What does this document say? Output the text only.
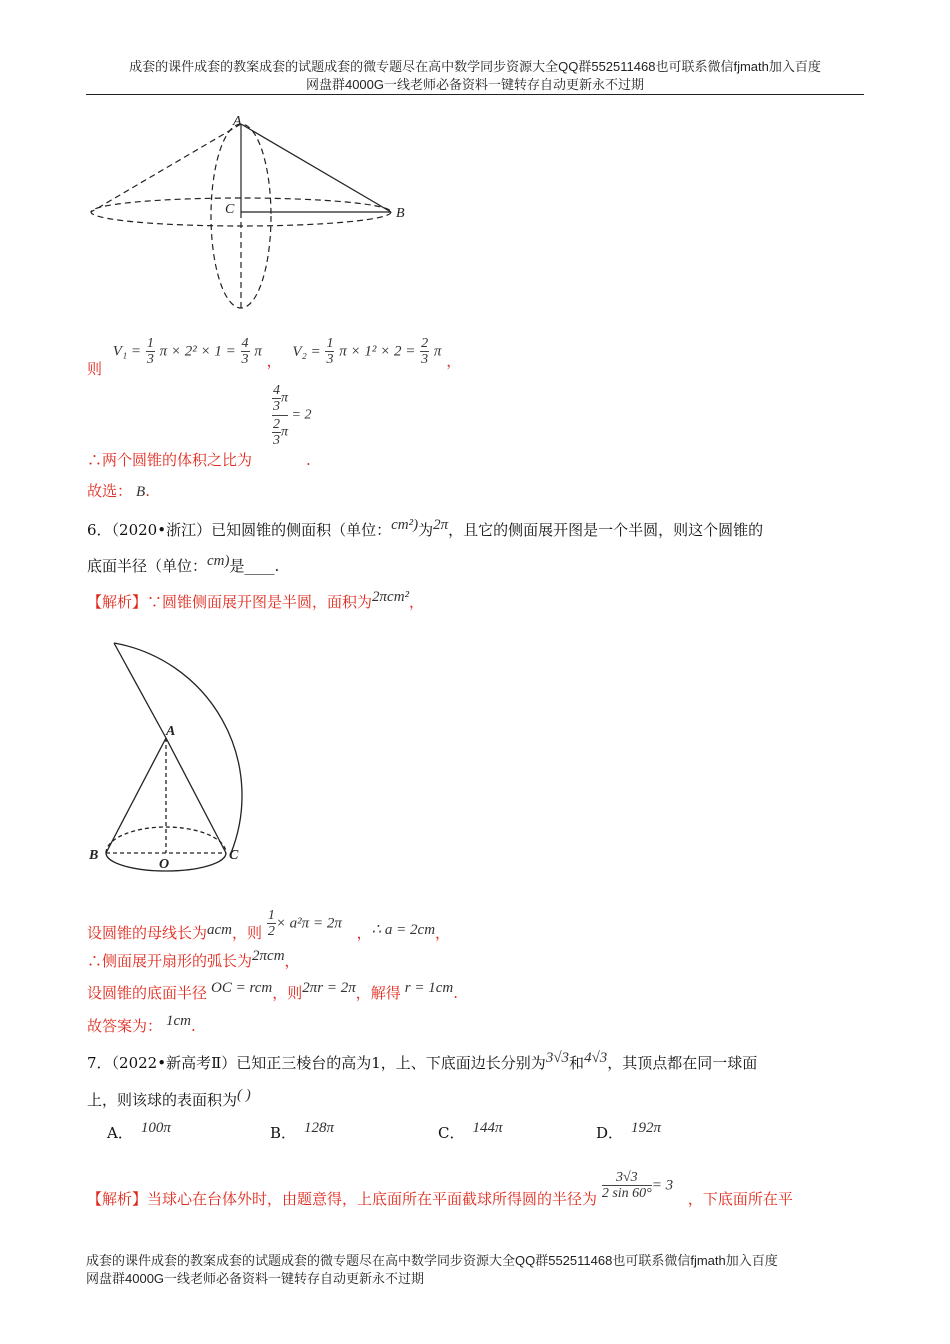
成套的课件成套的教案成套的试题成套的微专题尽在高中数学同步资源大全QQ群552511468也可联系微信fjmath加入百度
网盘群4000G一线老师必备资料一键转存自动更新永不过期
A
C	B
则 $V_1 = \frac{1}{3}$ $\pi \times 2^2 \times 1 = \frac{4}{3}$ π ， $V_2 = \frac{1}{3}$ $\pi \times 1^2 \times 2 = \frac{2}{3}$ π ，
$\frac{\frac{4}{3} \pi}{\frac{2}{3} \pi} = 2$
∴两个圆锥的体积之比为	.
故选： B.
6．（2020•浙江）已知圆锥的侧面积（单位：cm²)为2π，且它的侧面展开图是一个半圆，则这个圆锥的
底面半径（单位：cm)是____.
【解析】∵圆锥侧面展开图是半圆，面积为2πcm²，
A
B	C
O
设圆锥的母线长为acm，则 $\frac{1}{2} \times a^2\pi = 2\pi$ ，∴ a = 2cm，
∴侧面展开扇形的弧长为2πcm，
设圆锥的底面半径 OC = rcm，则2πr = 2π，解得 r = 1cm.
故答案为： 1cm.
7．（2022•新高考Ⅱ）已知正三棱台的高为1，上、下底面边长分别为3√3和4√3，其顶点都在同一球面
上，则该球的表面积为( )
A． 100π	B． 128π	C． 144π	D． 192π
【解析】当球心在台体外时，由题意得，上底面所在平面截球所得圆的半径为 $\frac{3√3}{2 \sin 60^\circ} = 3$ ，下底面所在平
成套的课件成套的教案成套的试题成套的微专题尽在高中数学同步资源大全QQ群552511468也可联系微信fjmath加入百度
网盘群4000G一线老师必备资料一键转存自动更新永不过期
